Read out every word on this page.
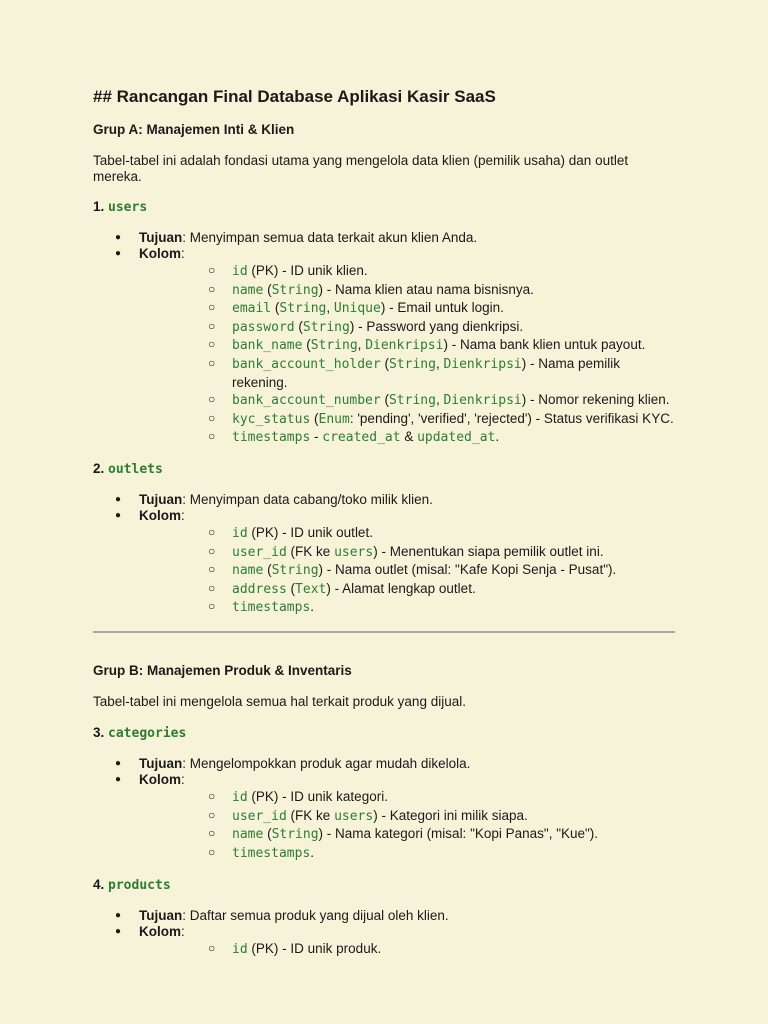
## Rancangan Final Database Aplikasi Kasir SaaS
Grup A: Manajemen Inti & Klien

Tabel-tabel ini adalah fondasi utama yang mengelola data klien (pemilik usaha) dan outlet
mereka.

1. users
● Tujuan: Menyimpan semua data terkait akun klien Anda.
● Kolom:
○ id (PK) - ID unik klien.
○ name (String) - Nama klien atau nama bisnisnya.
○ email (String, Unique) - Email untuk login.
○ password (String) - Password yang dienkripsi.
○ bank_name (String, Dienkripsi) - Nama bank klien untuk payout.
○ bank_account_holder (String, Dienkripsi) - Nama pemilik rekening.
○ bank_account_number (String, Dienkripsi) - Nomor rekening klien.
○ kyc_status (Enum: 'pending', 'verified', 'rejected') - Status verifikasi KYC.
○ timestamps - created_at & updated_at.
2. outlets
● Tujuan: Menyimpan data cabang/toko milik klien.
● Kolom:
○ id (PK) - ID unik outlet.
○ user_id (FK ke users) - Menentukan siapa pemilik outlet ini.
○ name (String) - Nama outlet (misal: "Kafe Kopi Senja - Pusat").
○ address (Text) - Alamat lengkap outlet.
○ timestamps.
Grup B: Manajemen Produk & Inventaris

Tabel-tabel ini mengelola semua hal terkait produk yang dijual.

3. categories
● Tujuan: Mengelompokkan produk agar mudah dikelola.
● Kolom:
○ id (PK) - ID unik kategori.
○ user_id (FK ke users) - Kategori ini milik siapa.
○ name (String) - Nama kategori (misal: "Kopi Panas", "Kue").
○ timestamps.
4. products
● Tujuan: Daftar semua produk yang dijual oleh klien.
● Kolom:
○ id (PK) - ID unik produk.
